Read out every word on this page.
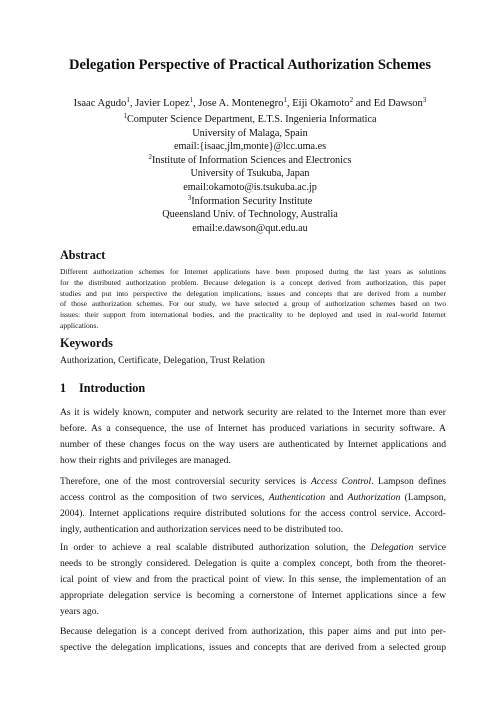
Delegation Perspective of Practical Authorization Schemes
Isaac Agudo$^1$, Javier Lopez$^1$, Jose A. Montenegro$^1$, Eiji Okamoto$^2$ and Ed Dawson$^3$
$^1$Computer Science Department, E.T.S. Ingenieria Informatica
University of Malaga, Spain
email:{isaac,jlm,monte}@lcc.uma.es
$^2$Institute of Information Sciences and Electronics
University of Tsukuba, Japan
email:okamoto@is.tsukuba.ac.jp
$^3$Information Security Institute
Queensland Univ. of Technology, Australia
email:e.dawson@qut.edu.au
Abstract
Different authorization schemes for Internet applications have been proposed during the last years as solutions
for the distributed authorization problem. Because delegation is a concept derived from authorization, this paper
studies and put into perspective the delegation implications, issues and concepts that are derived from a number
of those authorization schemes. For our study, we have selected a group of authorization schemes based on two
issues: their support from international bodies, and the practicality to be deployed and used in real-world Internet
applications.
Keywords
Authorization, Certificate, Delegation, Trust Relation
1 Introduction
As it is widely known, computer and network security are related to the Internet more than ever
before. As a consequence, the use of Internet has produced variations in security software. A
number of these changes focus on the way users are authenticated by Internet applications and
how their rights and privileges are managed.
Therefore, one of the most controversial security services is Access Control. Lampson defines
access control as the composition of two services, Authentication and Authorization (Lampson,
2004). Internet applications require distributed solutions for the access control service. Accord-
ingly, authentication and authorization services need to be distributed too.
In order to achieve a real scalable distributed authorization solution, the Delegation service
needs to be strongly considered. Delegation is quite a complex concept, both from the theoret-
ical point of view and from the practical point of view. In this sense, the implementation of an
appropriate delegation service is becoming a cornerstone of Internet applications since a few
years ago.
Because delegation is a concept derived from authorization, this paper aims and put into per-
spective the delegation implications, issues and concepts that are derived from a selected group
